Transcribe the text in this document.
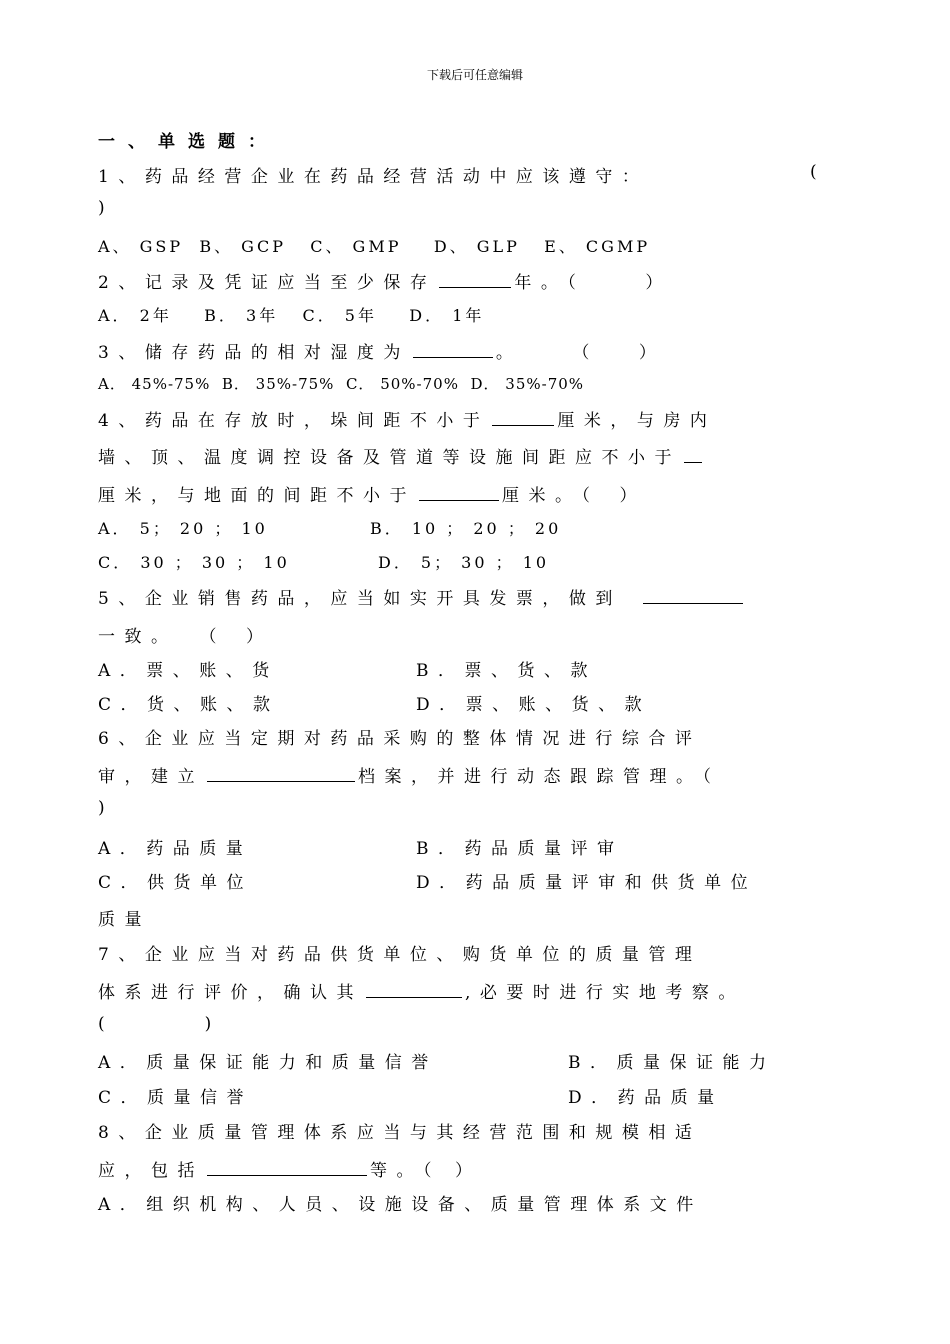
下载后可任意编辑
一、单选题：
1、药品经营企业在药品经营活动中应该遵守：	(
)
A、 GSP  B、 GCP   C、 GMP    D、 GLP   E、 CGMP
2、记录及凭证应当至少保存	年。（	）
A． 2年    B． 3年   C． 5年    D． 1年
3、储存药品的相对湿度为	。	（ ）
A． 45%-75%  B． 35%-75%  C． 50%-70%  D． 35%-70%
4、药品在存放时，垛间距不小于	厘米，与房内
墙、顶、温度调控设备及管道等设施间距应不小于
厘米，与地面的间距不小于	厘米。（ ）
A． 5； 20 ； 10	B． 10 ； 20 ； 20
C． 30 ； 30 ； 10	D． 5； 30 ； 10
5、企业销售药品，应当如实开具发票，做到
一致。 （ ）
A．票、账、货	B．票、货、款
C．货、账、款	D．票、账、货、款
6、企业应当定期对药品采购的整体情况进行综合评
审，建立	档案，并进行动态跟踪管理。（
)
A．药品质量	B．药品质量评审
C．供货单位	D．药品质量评审和供货单位
质量
7、企业应当对药品供货单位、购货单位的质量管理
体系进行评价，确认其	,必要时进行实地考察。
(	)
A．质量保证能力和质量信誉	B．质量保证能力
C．质量信誉	D．药品质量
8、企业质量管理体系应当与其经营范围和规模相适
应，包括	等。（ ）
A．组织机构、人员、设施设备、质量管理体系文件
